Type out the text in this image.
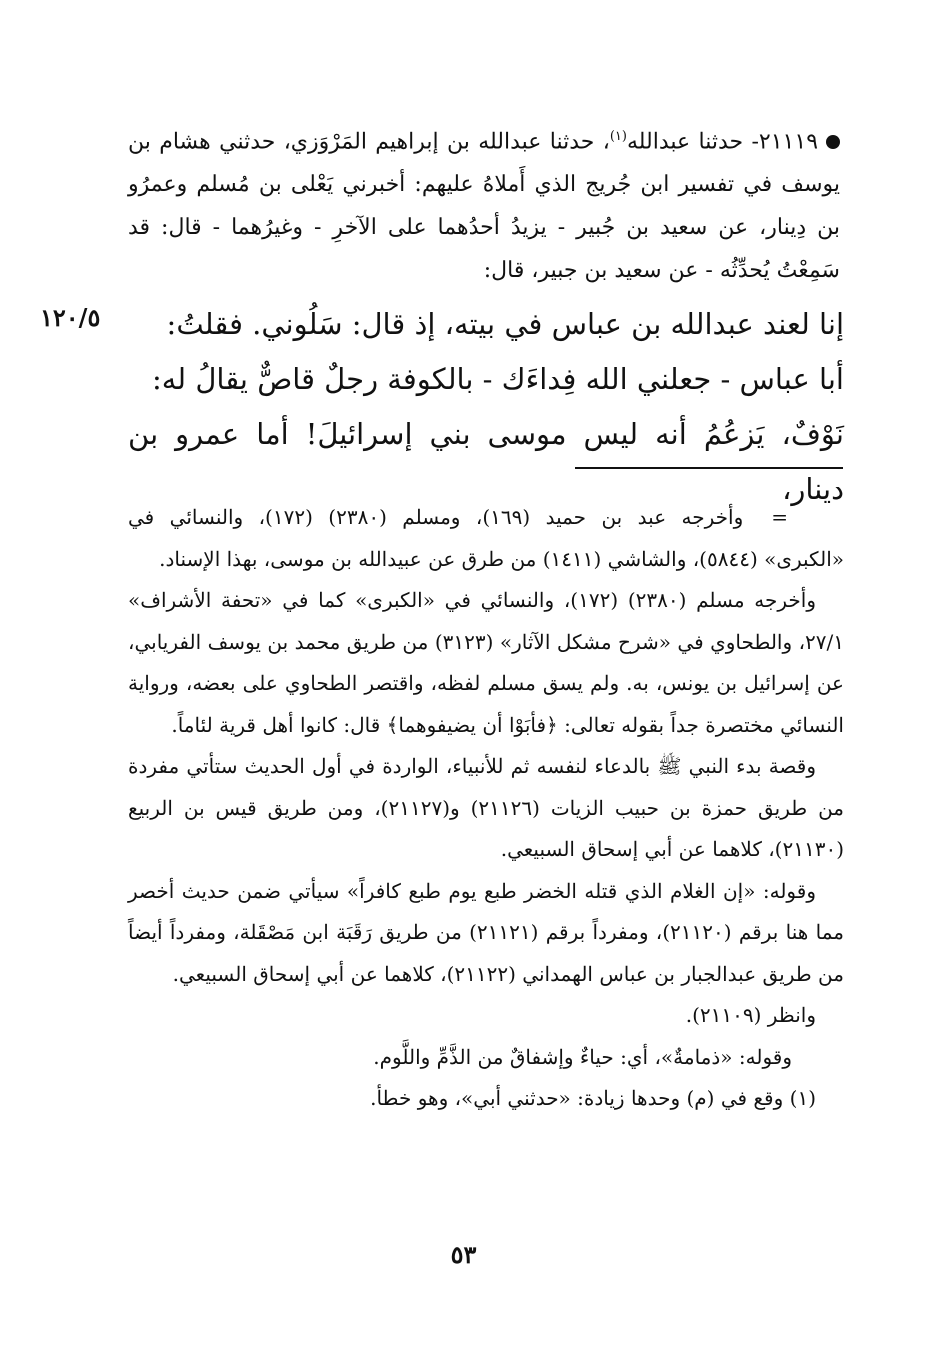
٢١١١٩- حدثنا عبدالله$^{(١)}$، حدثنا عبدالله بن إبراهيم المَرْوَزي، حدثني هشام بن يوسف في تفسير ابن جُريج الذي أَملاهُ عليهم: أخبرني يَعْلى بن مُسلم وعمرُو بن دِينار، عن سعيد بن جُبير - يزيدُ أحدُهما على الآخرِ - وغيرُهما - قال: قد سَمِعْتُ يُحدِّثُه - عن سعيد بن جبير، قال:
١٢٠/٥	إنا لعند عبدالله بن عباس في بيته، إذ قال: سَلُوني. فقلتُ:
أبا عباس - جعلني الله فِداءَك - بالكوفة رجلٌ قاصٌّ يقالُ له:
نَوْفٌ، يَزعُمُ أنه ليس موسى بني إسرائيلَ! أما عمرو بن دينار،

=وأخرجه عبد بن حميد (١٦٩)، ومسلم (٢٣٨٠) (١٧٢)، والنسائي في «الكبرى» (٥٨٤٤)، والشاشي (١٤١١) من طرق عن عبيدالله بن موسى، بهذا الإسناد.

وأخرجه مسلم (٢٣٨٠) (١٧٢)، والنسائي في «الكبرى» كما في «تحفة الأشراف» ٢٧/١، والطحاوي في «شرح مشكل الآثار» (٣١٢٣) من طريق محمد بن يوسف الفريابي، عن إسرائيل بن يونس، به. ولم يسق مسلم لفظه، واقتصر الطحاوي على بعضه، ورواية النسائي مختصرة جداً بقوله تعالى: ﴿فأبَوْا أن يضيفوهما﴾ قال: كانوا أهل قرية لئاماً.

وقصة بدء النبي ﷺ بالدعاء لنفسه ثم للأنبياء، الواردة في أول الحديث ستأتي مفردة من طريق حمزة بن حبيب الزيات (٢١١٢٦) و(٢١١٢٧)، ومن طريق قيس بن الربيع (٢١١٣٠)، كلاهما عن أبي إسحاق السبيعي.

وقوله: «إن الغلام الذي قتله الخضر طبع يوم طبع كافراً» سيأتي ضمن حديث أخصر مما هنا برقم (٢١١٢٠)، ومفرداً برقم (٢١١٢١) من طريق رَقَبَة ابن مَصْقَلة، ومفرداً أيضاً من طريق عبدالجبار بن عباس الهمداني (٢١١٢٢)، كلاهما عن أبي إسحاق السبيعي.

وانظر (٢١١٠٩).

وقوله: «ذمامةٌ»، أي: حياءٌ وإشفاقٌ من الذَّمِّ واللَّوم.

(١) وقع في (م) وحدها زيادة: «حدثني أبي»، وهو خطأ.

٥٣
